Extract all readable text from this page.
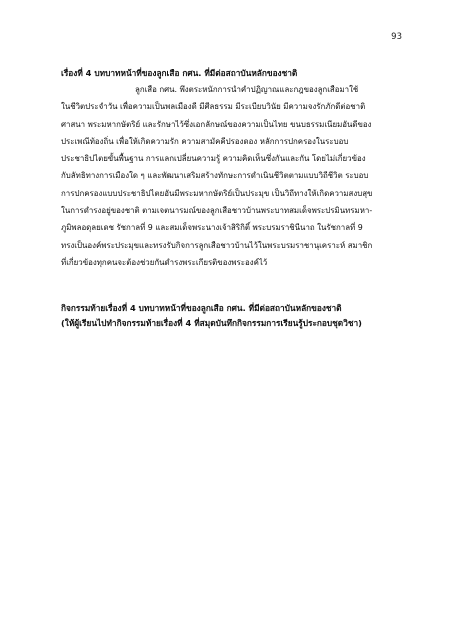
93

เรื่องที่ 4 บทบาทหน้าที่ของลูกเสือ กศน. ที่มีต่อสถาบันหลักของชาติ

ลูกเสือ กศน. พึงตระหนักการนำคำปฏิญาณและกฎของลูกเสือมาใช้
ในชีวิตประจำวัน เพื่อความเป็นพลเมืองดี มีศีลธรรม มีระเบียบวินัย มีความจงรักภักดีต่อชาติ
ศาสนา พระมหากษัตริย์ และรักษาไว้ซึ่งเอกลักษณ์ของความเป็นไทย ขนบธรรมเนียมอันดีของ
ประเพณีท้องถิ่น เพื่อให้เกิดความรัก ความสามัคคีปรองดอง หลักการปกครองในระบอบ
ประชาธิปไตยขั้นพื้นฐาน การแลกเปลี่ยนความรู้ ความคิดเห็นซึ่งกันและกัน โดยไม่เกี่ยวข้อง
กับลัทธิทางการเมืองใด ๆ และพัฒนาเสริมสร้างทักษะการดำเนินชีวิตตามแบบวิถีชีวิต ระบอบ
การปกครองแบบประชาธิปไตยอันมีพระมหากษัตริย์เป็นประมุข เป็นวิถีทางให้เกิดความสงบสุข
ในการดำรงอยู่ของชาติ ตามเจตนารมณ์ของลูกเสือชาวบ้านพระบาทสมเด็จพระปรมินทรมหา-
ภูมิพลอดุลยเดช รัชกาลที่ 9 และสมเด็จพระนางเจ้าสิริกิติ์ พระบรมราชินีนาถ ในรัชกาลที่ 9
ทรงเป็นองค์พระประมุขและทรงรับกิจการลูกเสือชาวบ้านไว้ในพระบรมราชานุเคราะห์ สมาชิก
ที่เกี่ยวข้องทุกคนจะต้องช่วยกันดำรงพระเกียรติของพระองค์ไว้

กิจกรรมท้ายเรื่องที่ 4 บทบาทหน้าที่ของลูกเสือ กศน. ที่มีต่อสถาบันหลักของชาติ

(ให้ผู้เรียนไปทำกิจกรรมท้ายเรื่องที่ 4 ที่สมุดบันทึกกิจกรรมการเรียนรู้ประกอบชุดวิชา)
